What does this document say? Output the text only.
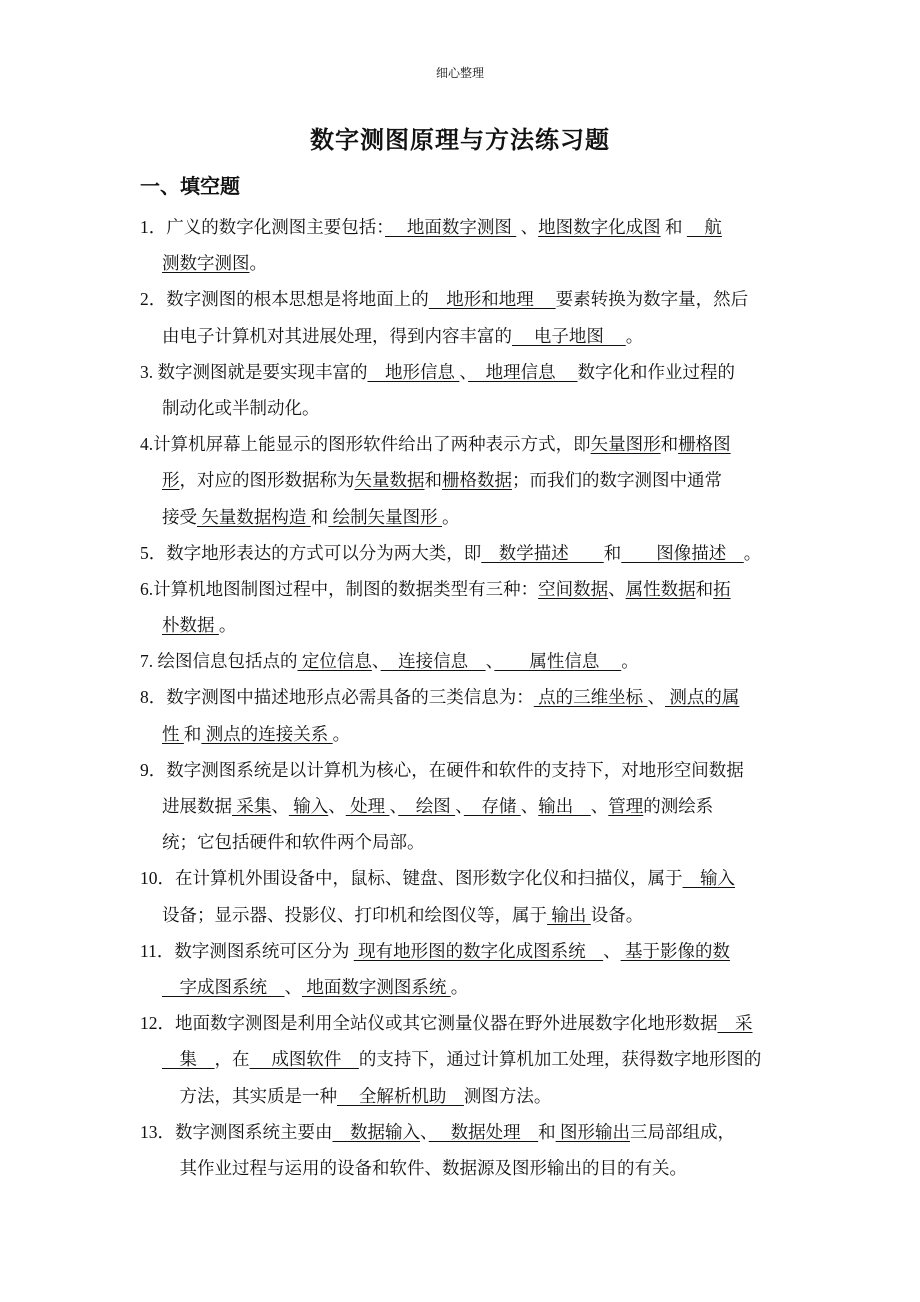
细心整理
数字测图原理与方法练习题
一、填空题
1．广义的数字化测图主要包括：　 地面数字测图  、地图数字化成图 和 　航
测数字测图。
2．数字测图的根本思想是将地面上的　地形和地理　 要素转换为数字量，然后
由电子计算机对其进展处理，得到内容丰富的　 电子地图　 。
3. 数字测图就是要实现丰富的　地形信息 、　地理信息　 数字化和作业过程的
制动化或半制动化。
4.计算机屏幕上能显示的图形软件给出了两种表示方式，即矢量图形和栅格图
形，对应的图形数据称为矢量数据和栅格数据；而我们的数字测图中通常
接受 矢量数据构造 和 绘制矢量图形 。
5．数字地形表达的方式可以分为两大类，即　数学描述　　和　　图像描述　。
6.计算机地图制图过程中，制图的数据类型有三种：空间数据、属性数据和拓
朴数据 。
7. 绘图信息包括点的 定位信息、　连接信息　、　　属性信息　 。
8．数字测图中描述地形点必需具备的三类信息为： 点的三维坐标 、 测点的属
性 和 测点的连接关系 。
9．数字测图系统是以计算机为核心，在硬件和软件的支持下，对地形空间数据
进展数据 采集、 输入、 处理 、　绘图 、　存储 、输出　、管理的测绘系
统；它包括硬件和软件两个局部。
10．在计算机外围设备中，鼠标、键盘、图形数字化仪和扫描仪，属于　输入
设备；显示器、投影仪、打印机和绘图仪等，属于 输出 设备。
11．数字测图系统可区分为  现有地形图的数字化成图系统　、 基于影像的数
　字成图系统　、 地面数字测图系统 。
12．地面数字测图是利用全站仪或其它测量仪器在野外进展数字化地形数据　采
　集　，在　 成图软件　的支持下，通过计算机加工处理，获得数字地形图的
　方法，其实质是一种　 全解析机助　测图方法。
13．数字测图系统主要由　数据输入、　 数据处理　和 图形输出三局部组成，
　其作业过程与运用的设备和软件、数据源及图形输出的目的有关。
